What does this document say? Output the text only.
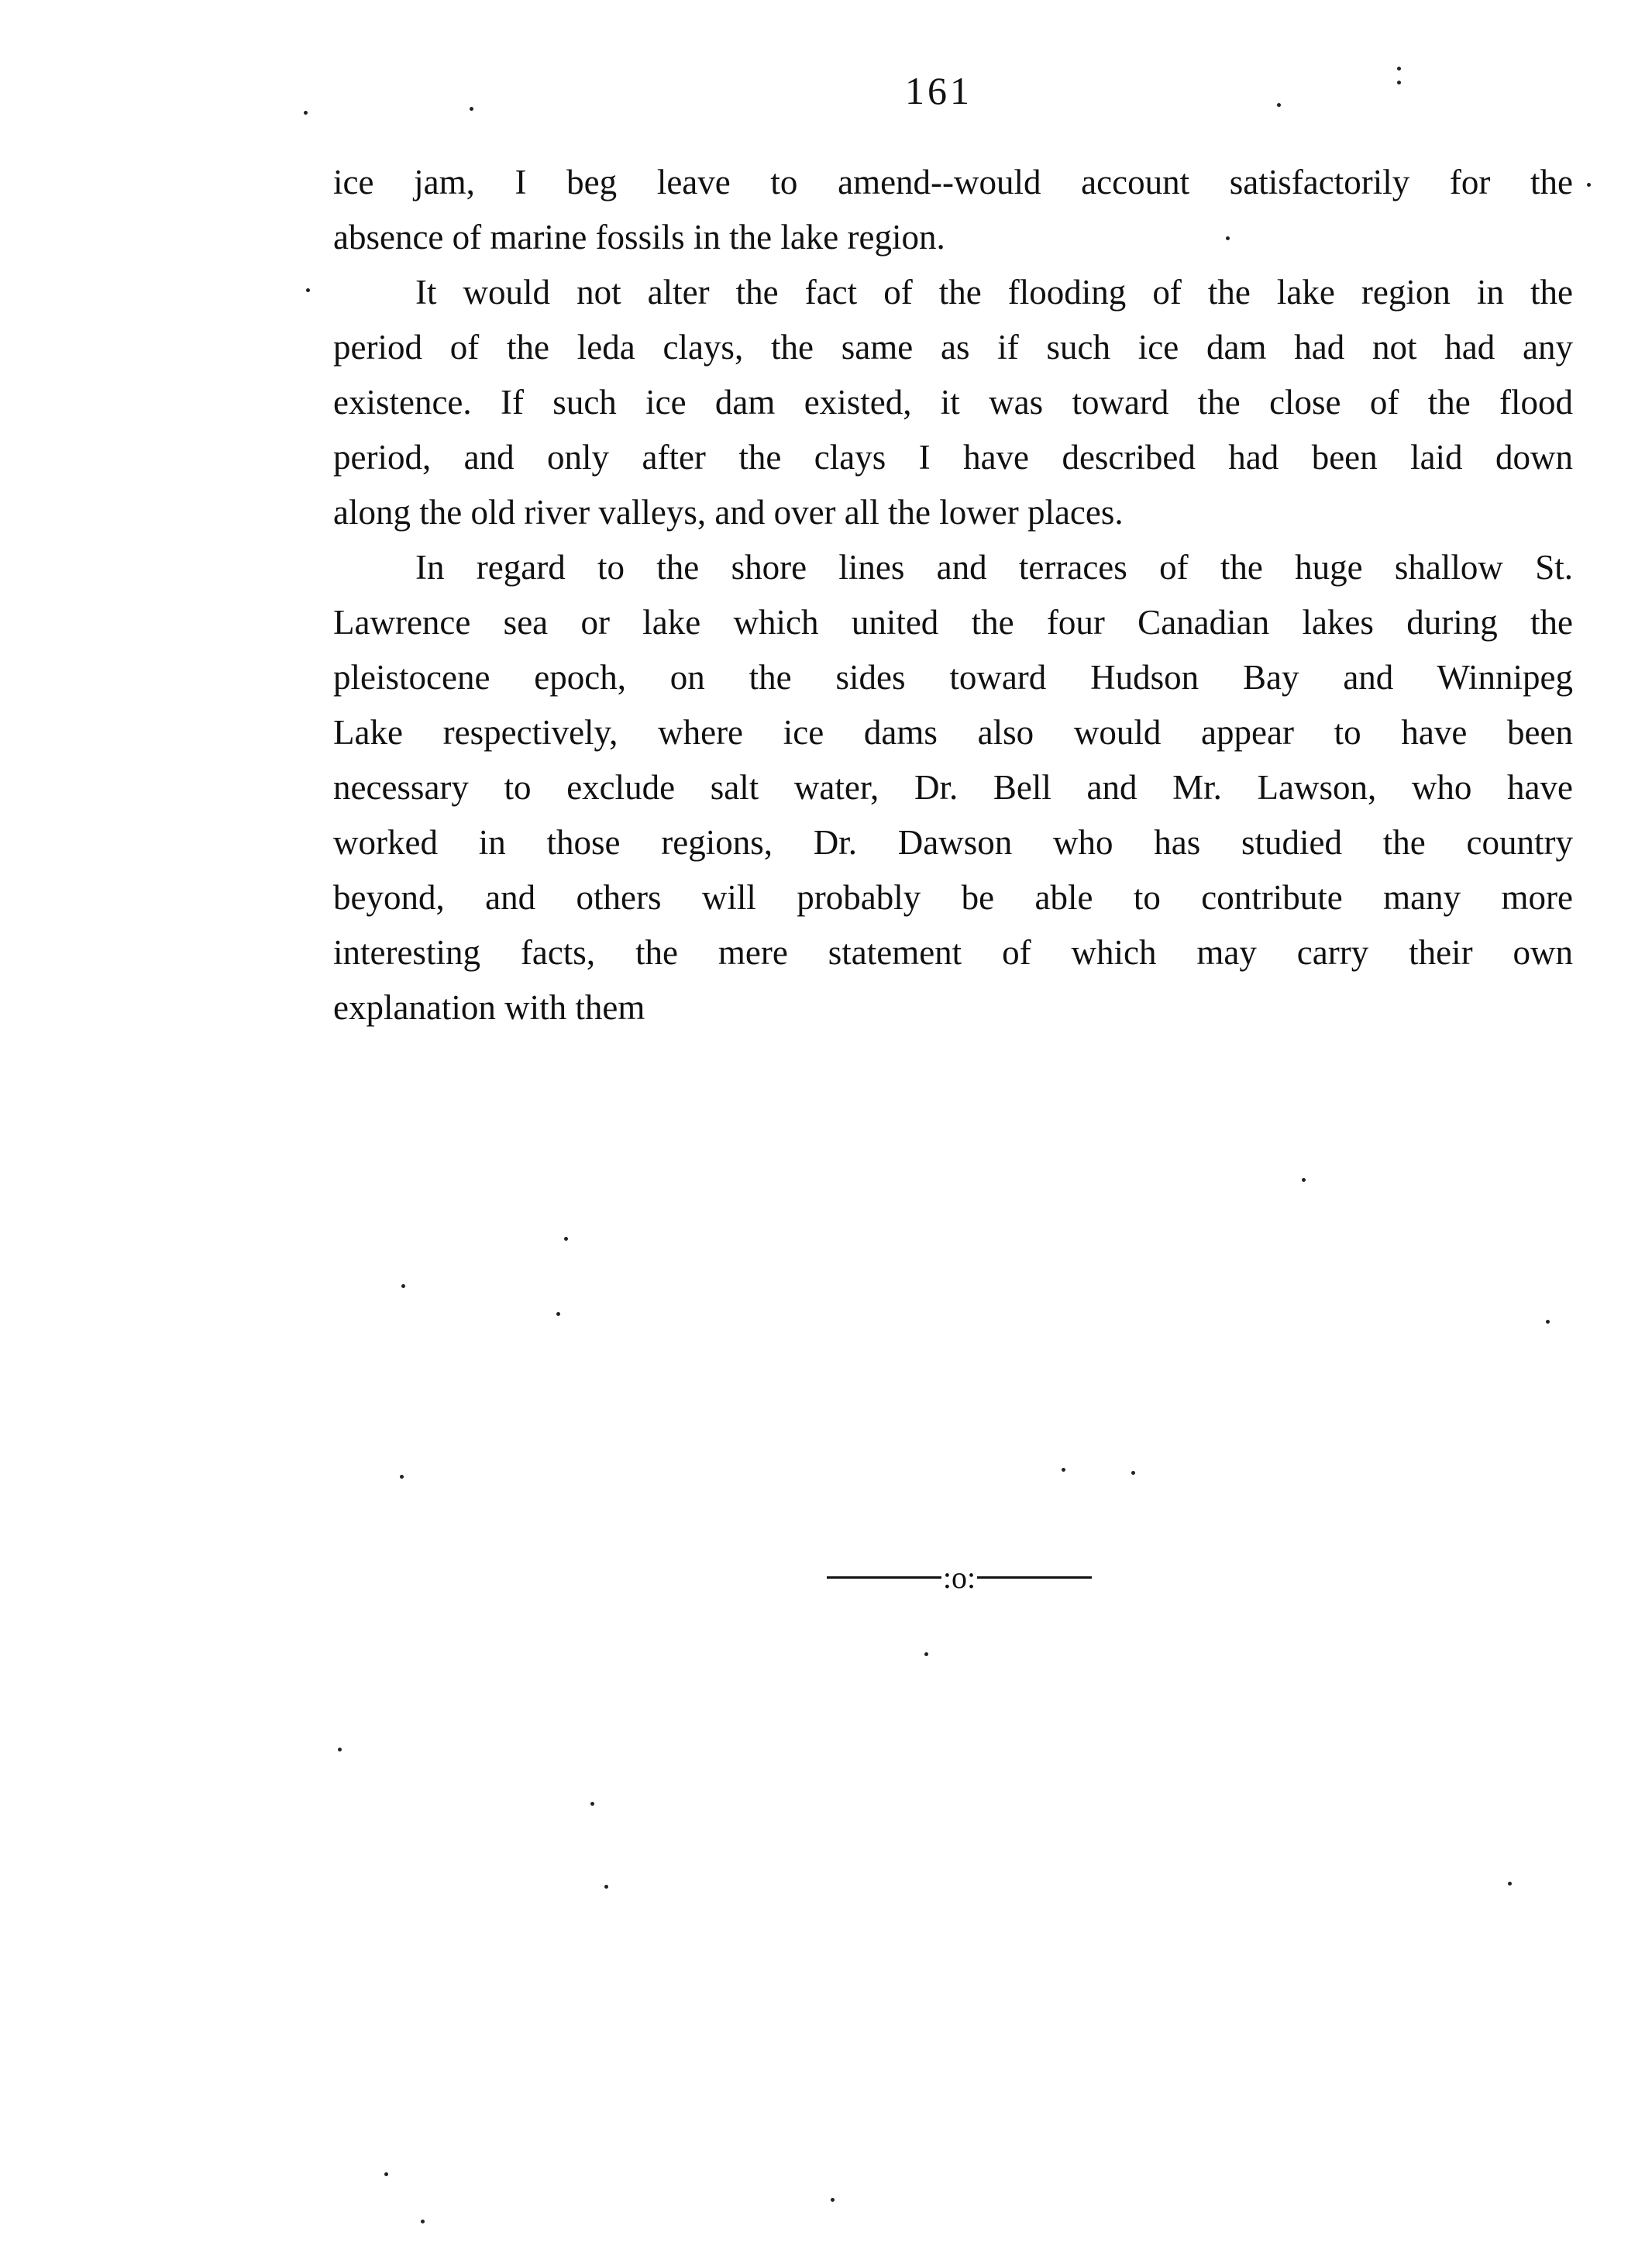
161
ice jam, I beg leave to amend--would account satisfactorily for the
absence of marine fossils in the lake region.
It would not alter the fact of the flooding of the lake region in the
period of the leda clays, the same as if such ice dam had not had any
existence. If such ice dam existed, it was toward the close of the flood
period, and only after the clays I have described had been laid down
along the old river valleys, and over all the lower places.
In regard to the shore lines and terraces of the huge shallow St.
Lawrence sea or lake which united the four Canadian lakes during the
pleistocene epoch, on the sides toward Hudson Bay and Winnipeg
Lake respectively, where ice dams also would appear to have been
necessary to exclude salt water, Dr. Bell and Mr. Lawson, who have
worked in those regions, Dr. Dawson who has studied the country
beyond, and others will probably be able to contribute many more
interesting facts, the mere statement of which may carry their own
explanation with them
:o:
